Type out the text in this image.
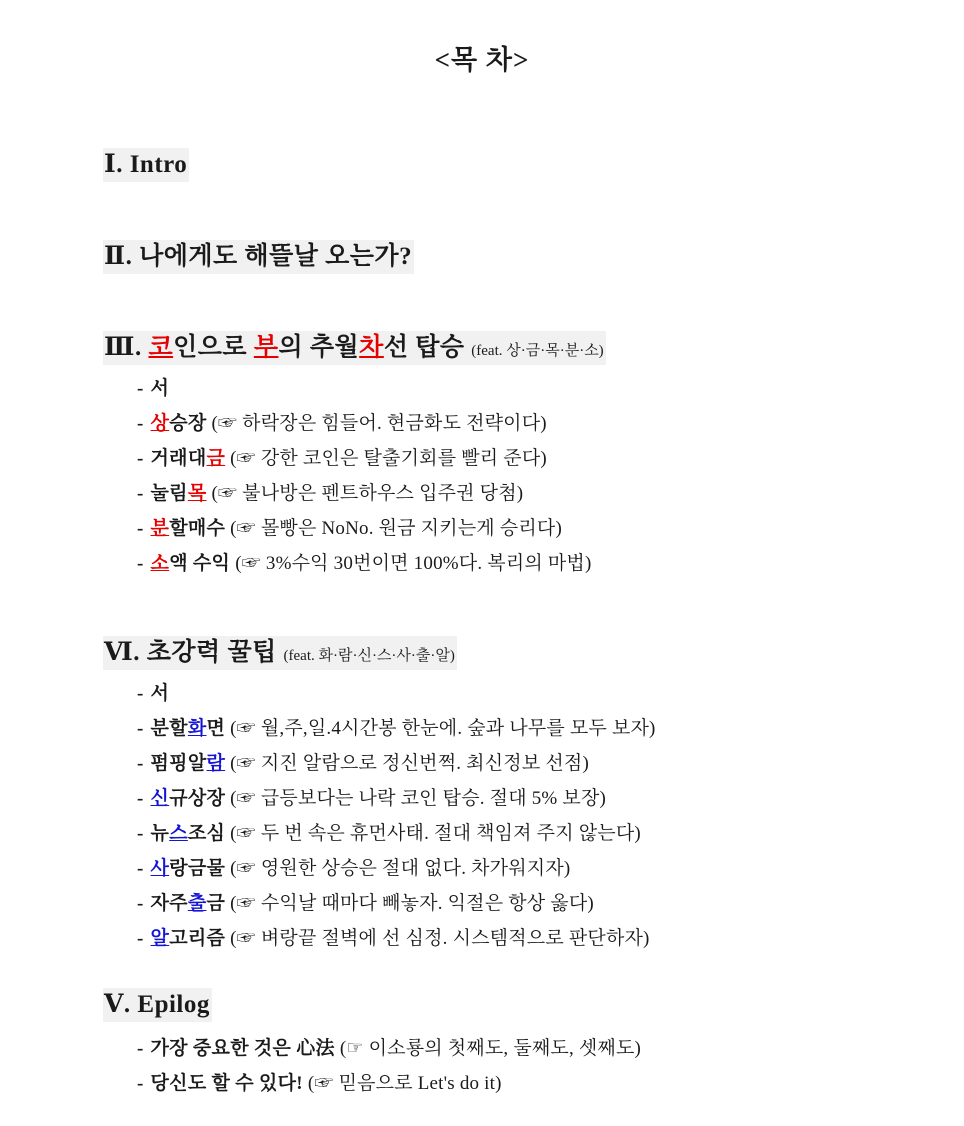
<목 차>
Ⅰ. Intro
Ⅱ. 나에게도 해뜰날 오는가?
Ⅲ. 코인으로 부의 추월차선 탑승 (feat. 상·금·목·분·소)
- 서
- 상승장 (☞ 하락장은 힘들어. 현금화도 전략이다)
- 거래대금 (☞ 강한 코인은 탈출기회를 빨리 준다)
- 눌림목 (☞ 불나방은 펜트하우스 입주권 당첨)
- 분할매수 (☞ 몰빵은 NoNo. 원금 지키는게 승리다)
- 소액 수익 (☞ 3%수익 30번이면 100%다. 복리의 마법)
Ⅵ. 초강력 꿀팁 (feat. 화·람·신·스·사·출·알)
- 서
- 분할화면 (☞ 월,주,일.4시간봉 한눈에. 숲과 나무를 모두 보자)
- 펌핑알람 (☞ 지진 알람으로 정신번쩍. 최신정보 선점)
- 신규상장 (☞ 급등보다는 나락 코인 탑승. 절대 5% 보장)
- 뉴스조심 (☞ 두 번 속은 휴먼사태. 절대 책임져 주지 않는다)
- 사랑금물 (☞ 영원한 상승은 절대 없다. 차가워지자)
- 자주출금 (☞ 수익날 때마다 빼놓자. 익절은 항상 옳다)
- 알고리즘 (☞ 벼랑끝 절벽에 선 심정. 시스템적으로 판단하자)
Ⅴ. Epilog
- 가장 중요한 것은 心法 (☞ 이소룡의 첫째도, 둘째도, 셋째도)
- 당신도 할 수 있다! (☞ 믿음으로 Let's do it)
